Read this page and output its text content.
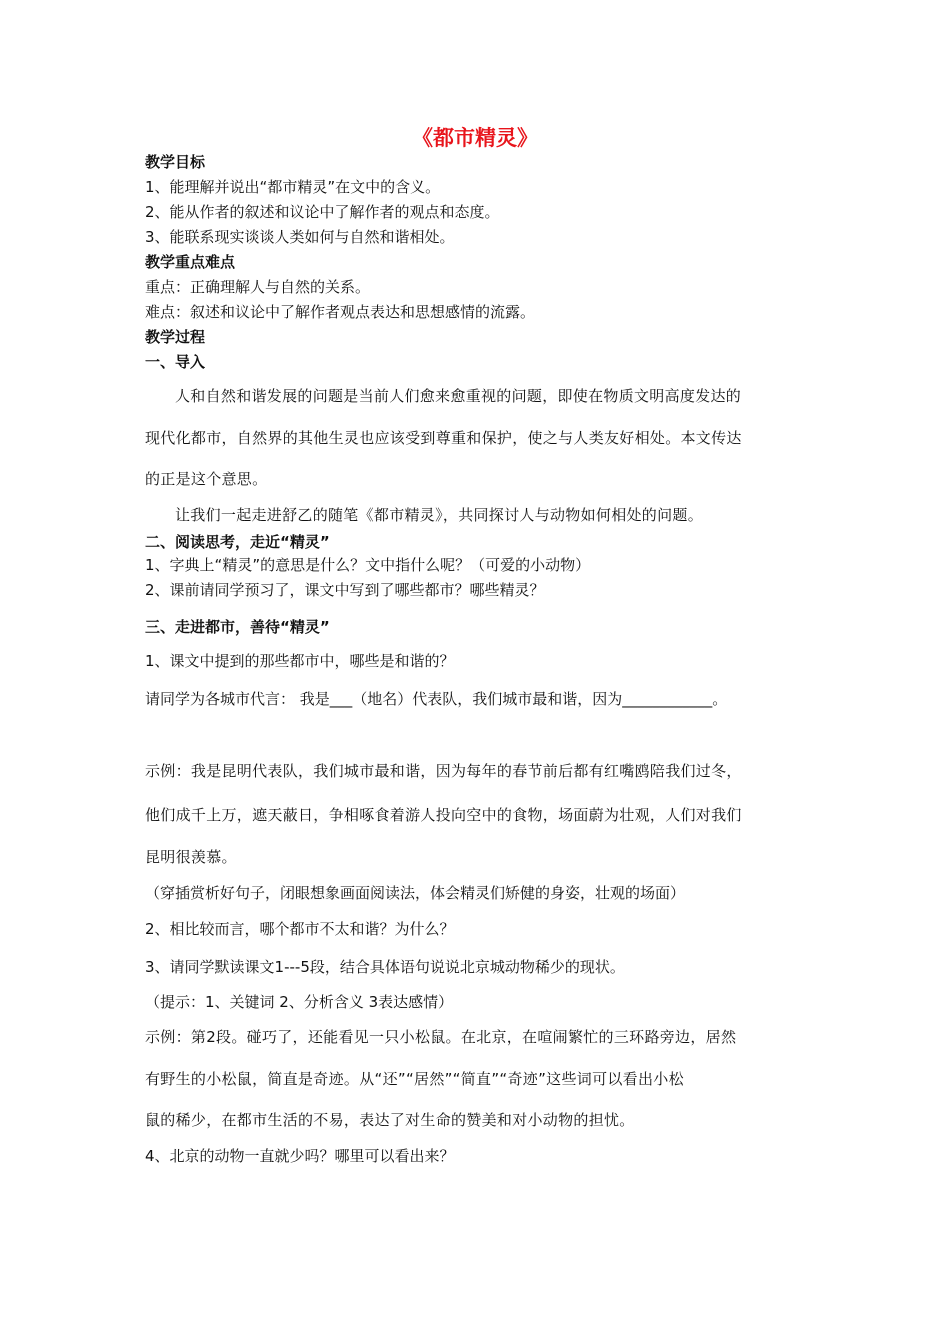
《都市精灵》
教学目标
1、能理解并说出“都市精灵”在文中的含义。
2、能从作者的叙述和议论中了解作者的观点和态度。
3、能联系现实谈谈人类如何与自然和谐相处。
教学重点难点
重点：正确理解人与自然的关系。
难点：叙述和议论中了解作者观点表达和思想感情的流露。
教学过程
一、导入
人和自然和谐发展的问题是当前人们愈来愈重视的问题，即使在物质文明高度发达的
现代化都市，自然界的其他生灵也应该受到尊重和保护，使之与人类友好相处。本文传达
的正是这个意思。
让我们一起走进舒乙的随笔《都市精灵》，共同探讨人与动物如何相处的问题。
二、阅读思考，走近“精灵”
1、字典上“精灵”的意思是什么？文中指什么呢？（可爱的小动物）
2、课前请同学预习了，课文中写到了哪些都市？哪些精灵？
三、走进都市，善待“精灵”
1、课文中提到的那些都市中，哪些是和谐的？
请同学为各城市代言： 我是___（地名）代表队，我们城市最和谐，因为____________。
示例：我是昆明代表队，我们城市最和谐，因为每年的春节前后都有红嘴鸥陪我们过冬，
他们成千上万，遮天蔽日，争相啄食着游人投向空中的食物，场面蔚为壮观，人们对我们
昆明很羡慕。
（穿插赏析好句子，闭眼想象画面阅读法，体会精灵们矫健的身姿，壮观的场面）
2、相比较而言，哪个都市不太和谐？为什么？
3、请同学默读课文1---5段，结合具体语句说说北京城动物稀少的现状。
（提示：1、关键词 2、分析含义 3表达感情）
示例：第2段。碰巧了，还能看见一只小松鼠。在北京，在喧闹繁忙的三环路旁边，居然
有野生的小松鼠，简直是奇迹。从“还”“居然”“简直”“奇迹”这些词可以看出小松
鼠的稀少，在都市生活的不易，表达了对生命的赞美和对小动物的担忧。
4、北京的动物一直就少吗？哪里可以看出来？
